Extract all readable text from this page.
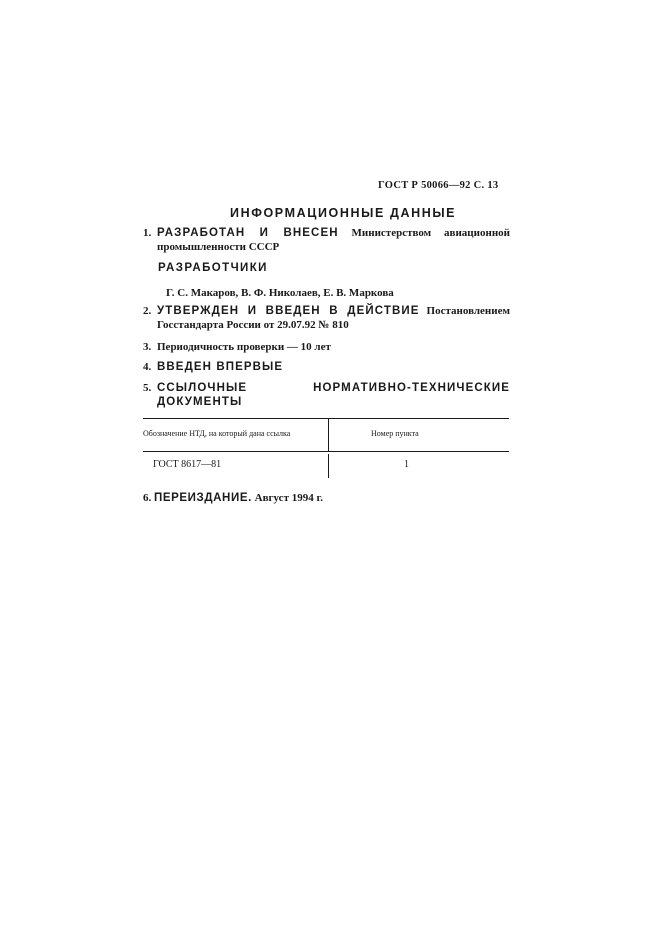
ГОСТ Р 50066—92 С. 13
ИНФОРМАЦИОННЫЕ ДАННЫЕ
1. РАЗРАБОТАН И ВНЕСЕН Министерством авиационной промышленности СССР
РАЗРАБОТЧИКИ
Г. С. Макаров, В. Ф. Николаев, Е. В. Маркова
2. УТВЕРЖДЕН И ВВЕДЕН В ДЕЙСТВИЕ Постановлением Госстандарта России от 29.07.92 № 810
3. Периодичность проверки — 10 лет
4. ВВЕДЕН ВПЕРВЫЕ
5. ССЫЛОЧНЫЕ НОРМАТИВНО-ТЕХНИЧЕСКИЕ ДОКУМЕНТЫ
Обозначение НТД, на который дана ссылка	Номер пункта
ГОСТ 8617—81	1
6. ПЕРЕИЗДАНИЕ. Август 1994 г.
